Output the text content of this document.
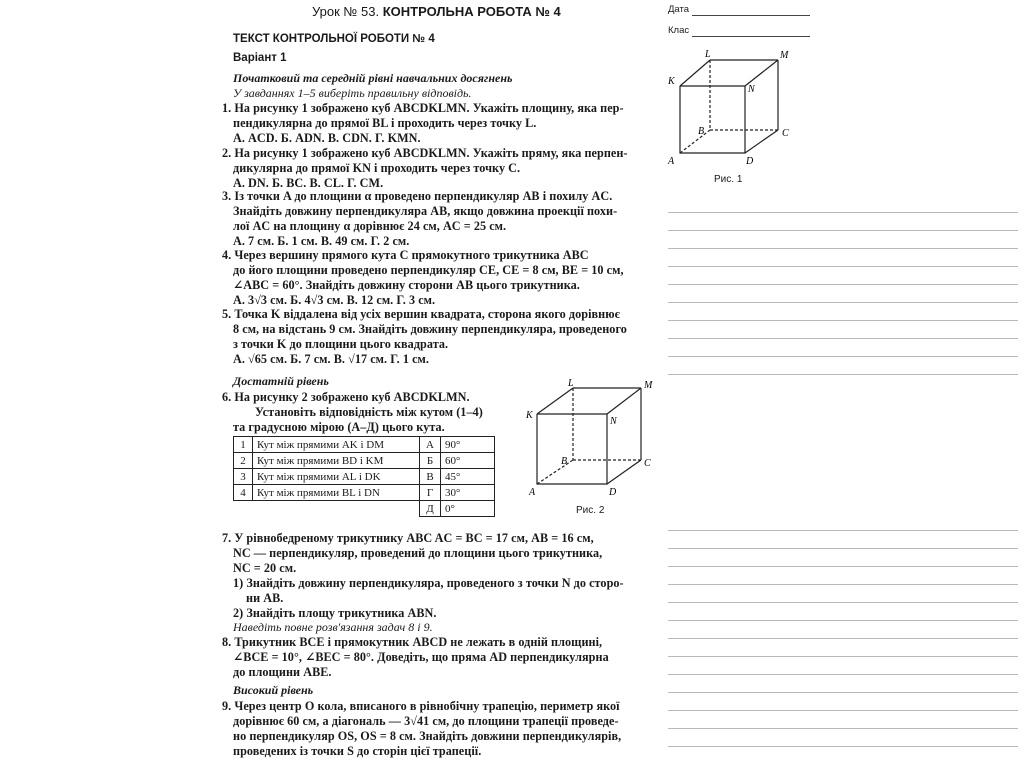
Урок № 53. КОНТРОЛЬНА РОБОТА № 4	Дата
Клас
ТЕКСТ КОНТРОЛЬНОЇ РОБОТИ № 4
Варіант 1
Початковий та середній рівні навчальних досягнень
У завданнях 1–5 виберіть правильну відповідь.
1. На рисунку 1 зображено куб ABCDKLMN. Укажіть площину, яка пер-
пендикулярна до прямої BL і проходить через точку L.
А. ACD. Б. ADN. В. CDN. Г. KMN.
2. На рисунку 1 зображено куб ABCDKLMN. Укажіть пряму, яка перпен-
дикулярна до прямої KN і проходить через точку C.
А. DN. Б. BC. В. CL. Г. CM.
3. Із точки A до площини α проведено перпендикуляр AB і похилу AC.
Знайдіть довжину перпендикуляра AB, якщо довжина проекції похи-
лої AC на площину α дорівнює 24 см, AC = 25 см.
А. 7 см. Б. 1 см. В. 49 см. Г. 2 см.
4. Через вершину прямого кута C прямокутного трикутника ABC
до його площини проведено перпендикуляр CE, CE = 8 см, BE = 10 см,
∠ABC = 60°. Знайдіть довжину сторони AB цього трикутника.
А. 3√3 см. Б. 4√3 см. В. 12 см. Г. 3 см.
5. Точка K віддалена від усіх вершин квадрата, сторона якого дорівнює
8 см, на відстань 9 см. Знайдіть довжину перпендикуляра, проведеного
з точки K до площини цього квадрата.
А. √65 см. Б. 7 см. В. √17 см. Г. 1 см.
Достатній рівень
6. На рисунку 2 зображено куб ABCDKLMN.
Установіть відповідність між кутом (1–4)
та градусною мірою (А–Д) цього кута.
1	Кут між прямими AK і DM	А	90°
2	Кут між прямими BD і KM	Б	60°
3	Кут між прямими AL і DK	В	45°
4	Кут між прямими BL і DN	Г	30°
		Д	0°
7. У рівнобедреному трикутнику ABC AC = BC = 17 см, AB = 16 см,
NC — перпендикуляр, проведений до площини цього трикутника,
NC = 20 см.
1) Знайдіть довжину перпендикуляра, проведеного з точки N до сторо-
ни AB.
2) Знайдіть площу трикутника ABN.
Наведіть повне розв'язання задач 8 і 9.
8. Трикутник BCE і прямокутник ABCD не лежать в одній площині,
∠BCE = 10°, ∠BEC = 80°. Доведіть, що пряма AD перпендикулярна
до площини ABE.
Високий рівень
9. Через центр O кола, вписаного в рівнобічну трапецію, периметр якої
дорівнює 60 см, а діагональ — 3√41 см, до площини трапеції проведе-
но перпендикуляр OS, OS = 8 см. Знайдіть довжини перпендикулярів,
проведених із точки S до сторін цієї трапеції.
K
L	M
N
B	C
A	D
Рис. 1
K
L	M
N
B	C
A	D
Рис. 2
